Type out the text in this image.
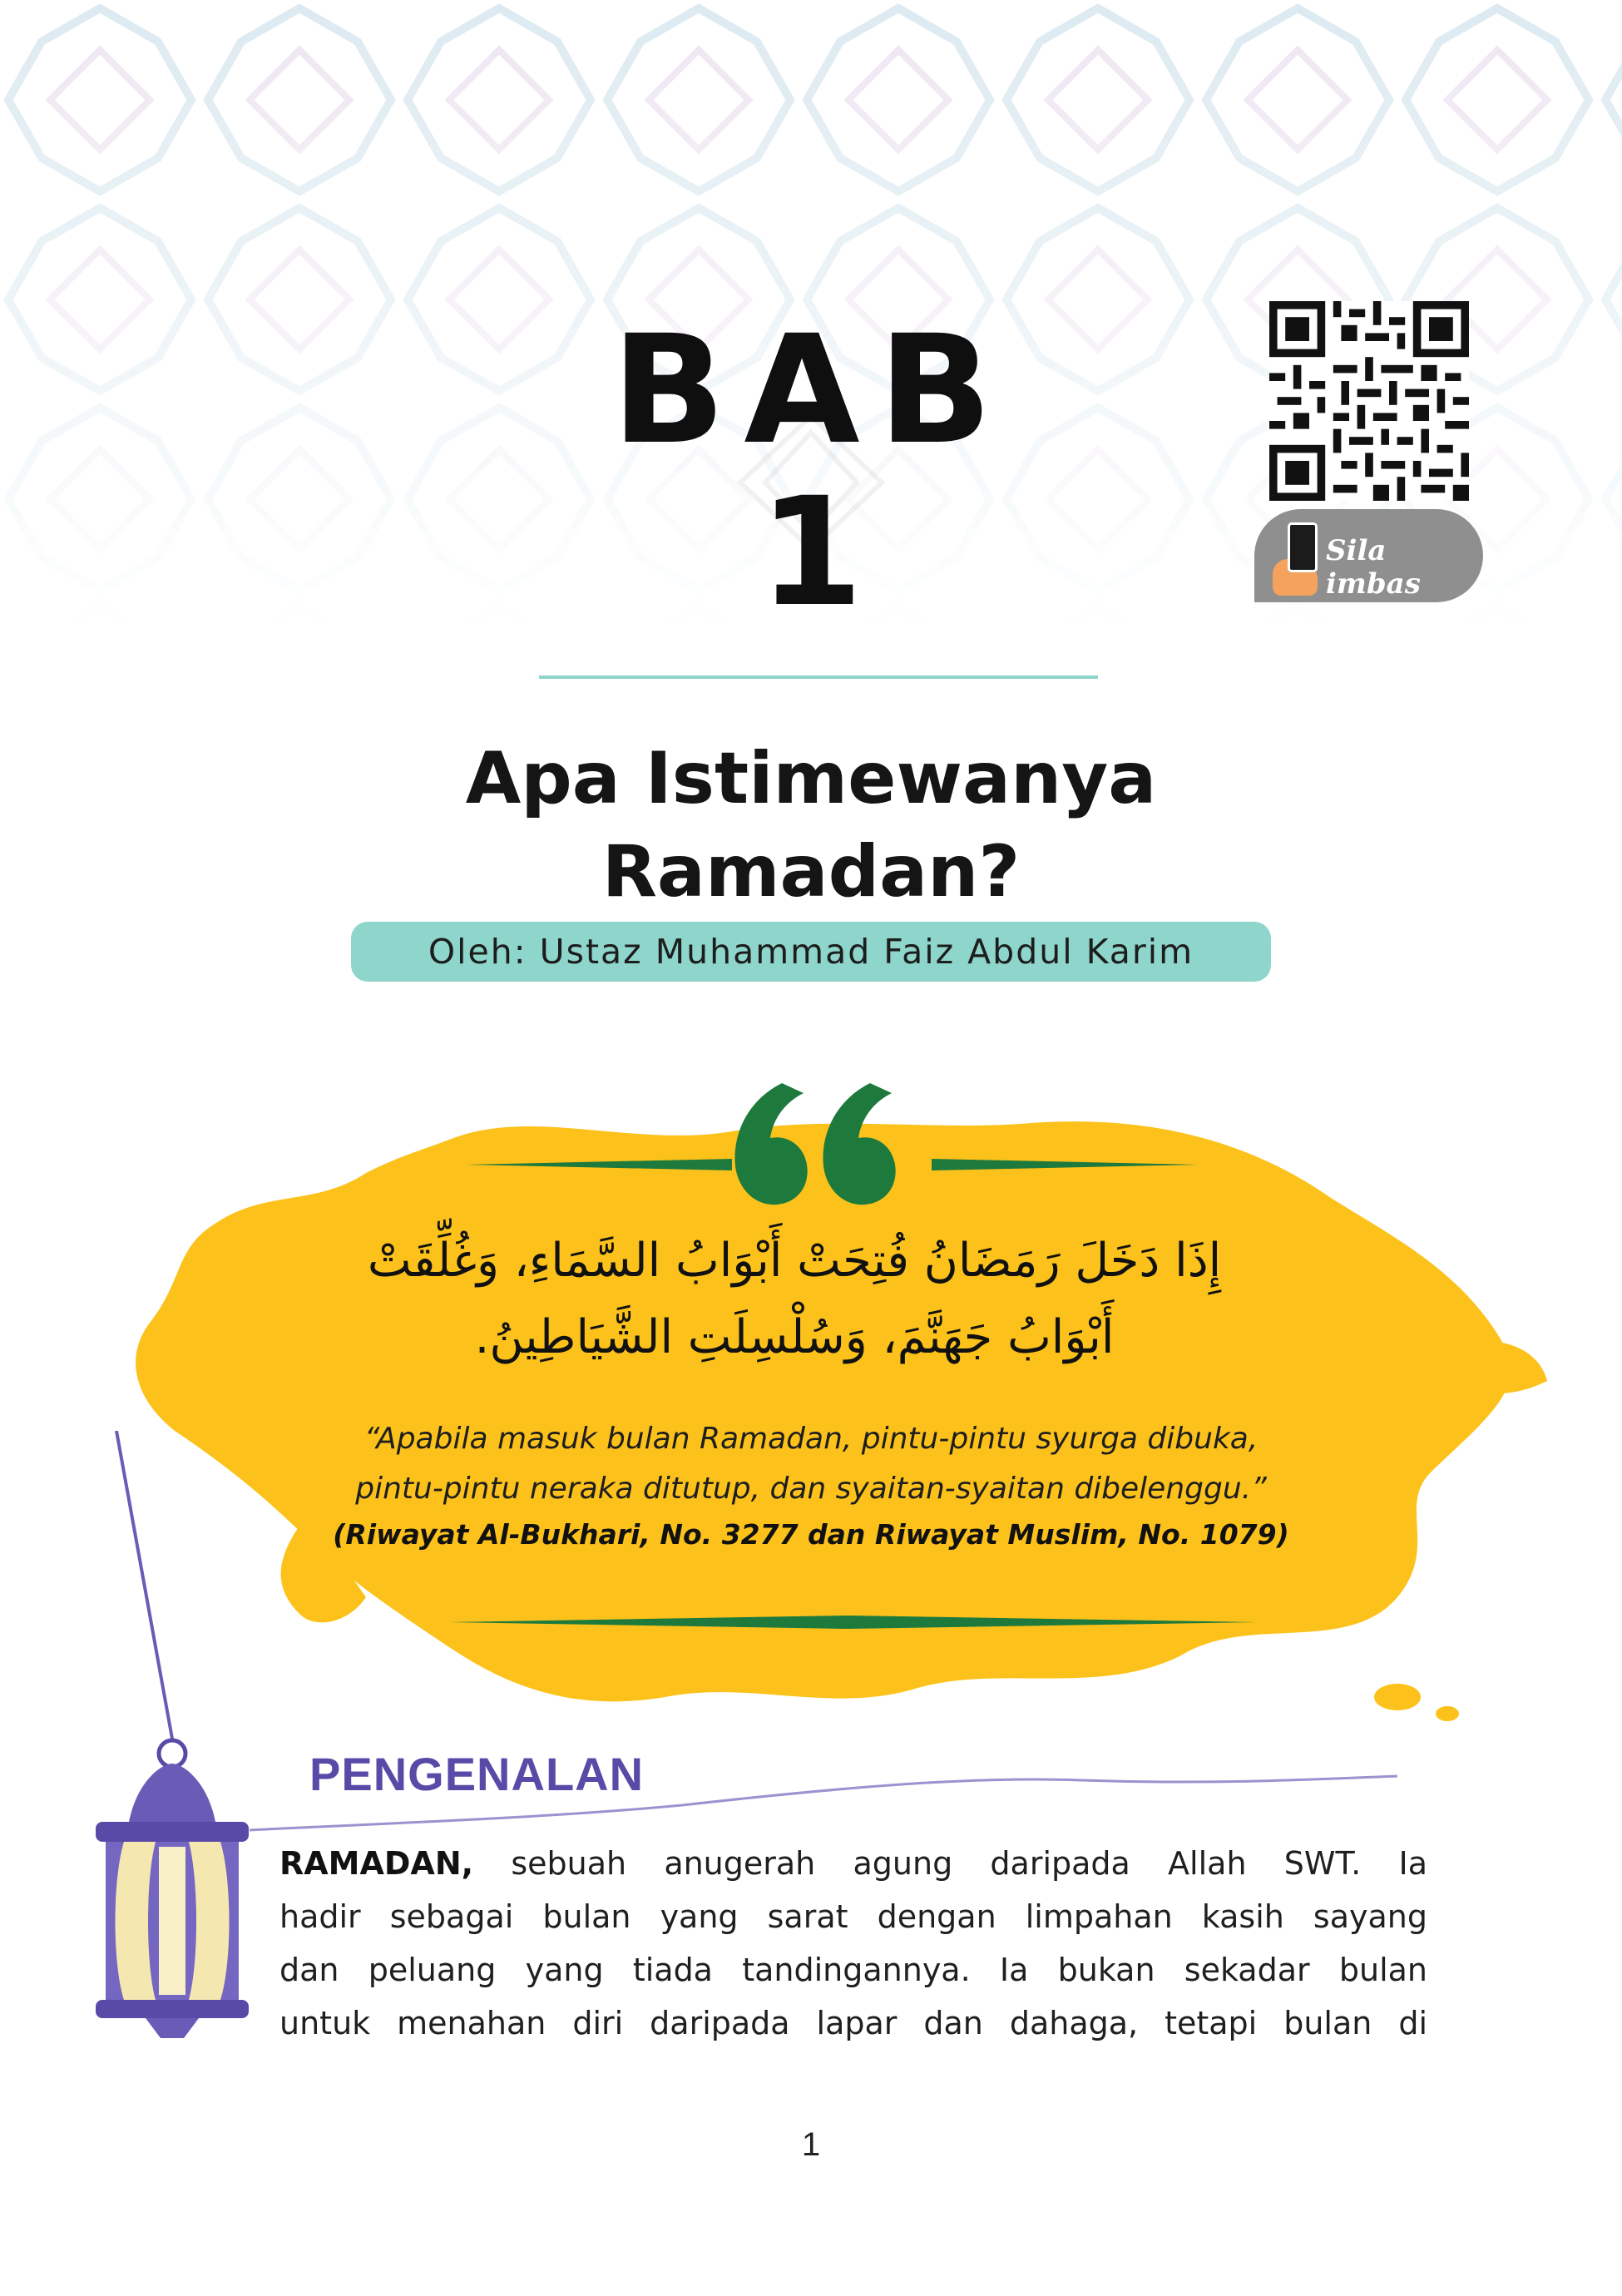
BAB
1	Sila imbas
Apa Istimewanya
Ramadan?
Oleh: Ustaz Muhammad Faiz Abdul Karim
إِذَا دَخَلَ رَمَضَانُ فُتِحَتْ أَبْوَابُ السَّمَاءِ، وَغُلِّقَتْ
أَبْوَابُ جَهَنَّمَ، وَسُلْسِلَتِ الشَّيَاطِينُ.
“Apabila masuk bulan Ramadan, pintu-pintu syurga dibuka,
pintu-pintu neraka ditutup, dan syaitan-syaitan dibelenggu.”
(Riwayat Al-Bukhari, No. 3277 dan Riwayat Muslim, No. 1079)
PENGENALAN
RAMADAN, sebuah anugerah agung daripada Allah SWT. Ia
hadir sebagai bulan yang sarat dengan limpahan kasih sayang
dan peluang yang tiada tandingannya. Ia bukan sekadar bulan
untuk menahan diri daripada lapar dan dahaga, tetapi bulan di
1
